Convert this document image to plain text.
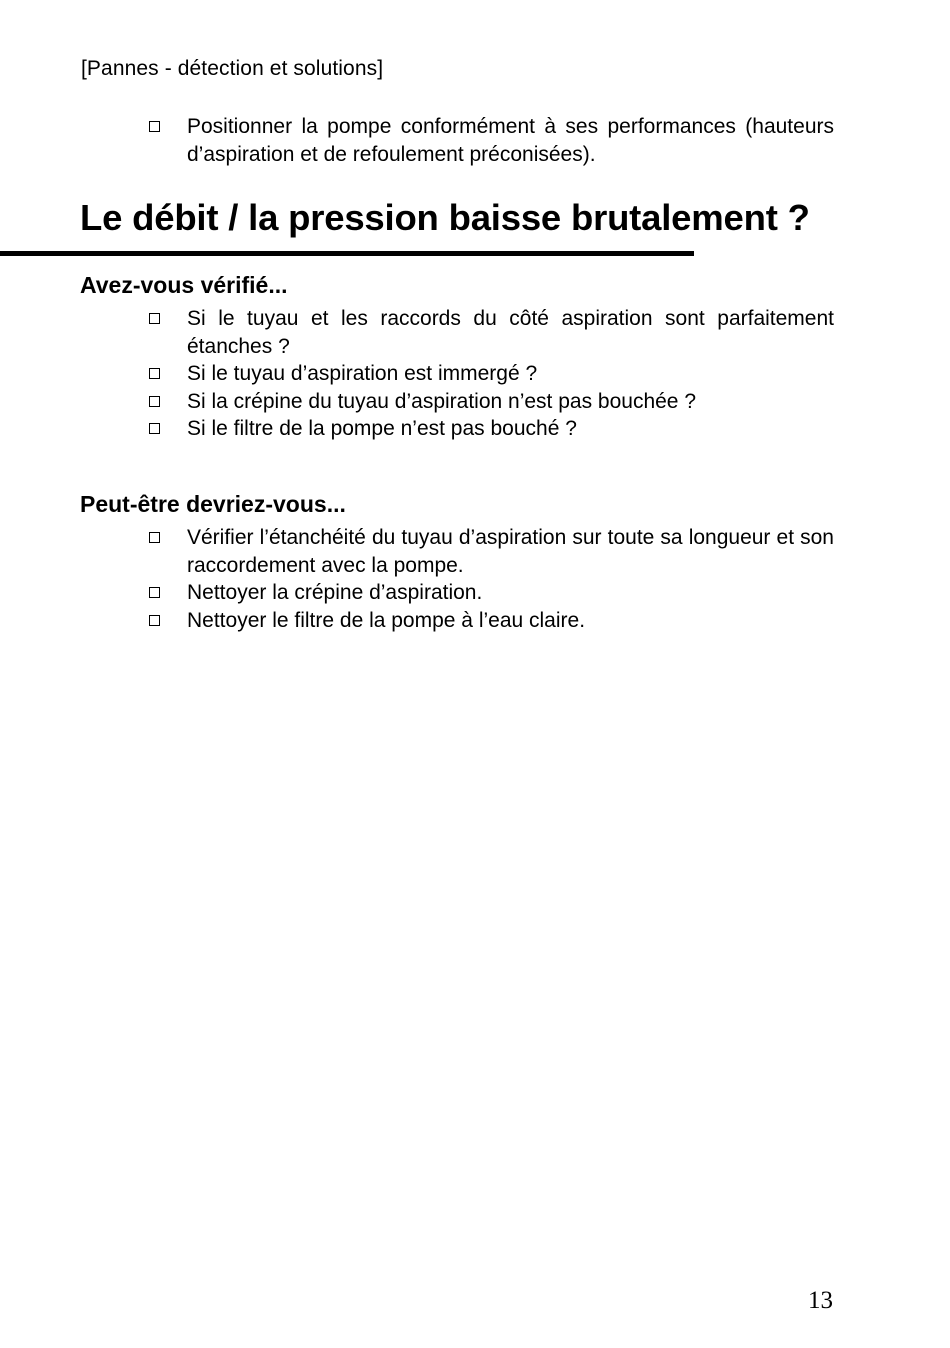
[Pannes - détection et solutions]
Positionner la pompe conformément à ses performances (hauteurs d’aspiration et de refoulement préconisées).
Le débit / la pression baisse brutalement ?
Avez-vous vérifié...
Si le tuyau et les raccords du côté aspiration sont parfaitement étanches ?
Si le tuyau d’aspiration est immergé ?
Si la crépine du tuyau d’aspiration n’est pas bouchée ?
Si le filtre de la pompe n’est pas bouché ?
Peut-être devriez-vous...
Vérifier l’étanchéité du tuyau d’aspiration sur toute sa longueur et son raccordement avec la pompe.
Nettoyer la crépine d’aspiration.
Nettoyer le filtre de la pompe à l’eau claire.
13
